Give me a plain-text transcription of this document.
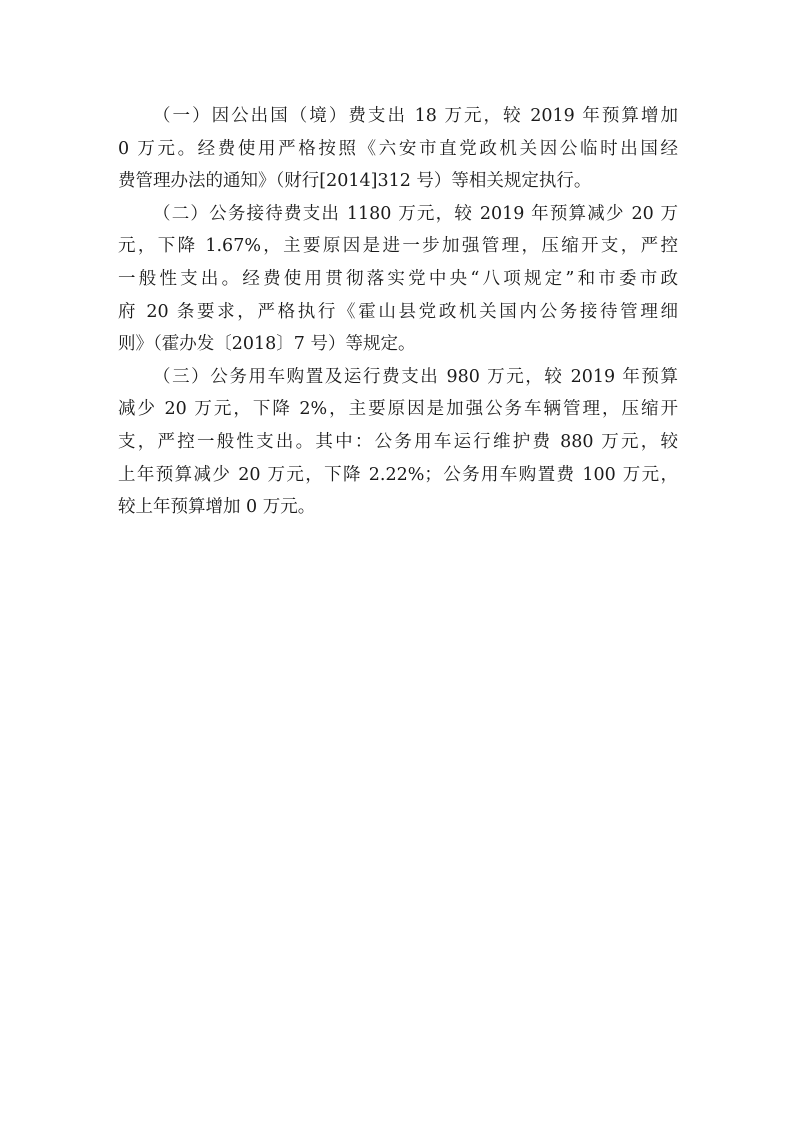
（一）因公出国（境）费支出 18 万元，较 2019 年预算增加
0 万元。经费使用严格按照《六安市直党政机关因公临时出国经
费管理办法的通知》（财行[2014]312 号）等相关规定执行。
（二）公务接待费支出 1180 万元，较 2019 年预算减少 20 万
元，下降 1.67%，主要原因是进一步加强管理，压缩开支，严控
一般性支出。经费使用贯彻落实党中央“八项规定”和市委市政
府 20 条要求，严格执行《霍山县党政机关国内公务接待管理细
则》（霍办发〔2018〕7 号）等规定。
（三）公务用车购置及运行费支出 980 万元，较 2019 年预算
减少 20 万元，下降 2%，主要原因是加强公务车辆管理，压缩开
支，严控一般性支出。其中：公务用车运行维护费 880 万元，较
上年预算减少 20 万元，下降 2.22%；公务用车购置费 100 万元，
较上年预算增加 0 万元。
